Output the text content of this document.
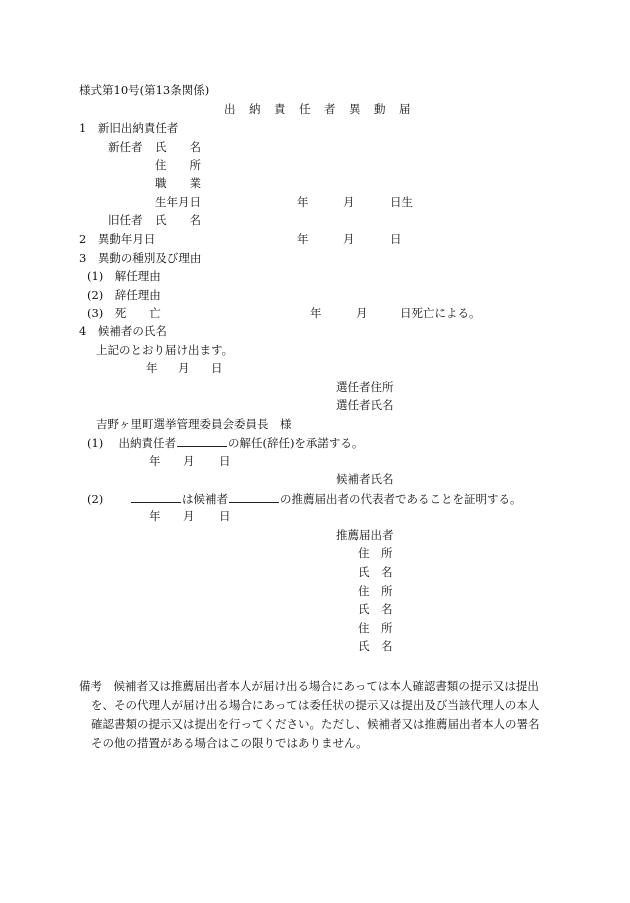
様式第10号(第13条関係)
出　納　責　任　者　異　動　届
1　新旧出納責任者
新任者 氏　　名
住　　所
職　　業
生年月日	年	月	日生
旧任者 氏　　名
2　異動年月日	年	月	日
3　異動の種別及び理由
(1)　解任理由
(2)　辞任理由
(3)　死　　亡	年	月	日死亡による。
4　候補者の氏名
上記のとおり届け出ます。
年 月 日
選任者住所
選任者氏名
吉野ヶ里町選挙管理委員会委員長　様
(1)　 出納責任者	の解任(辞任)を承諾する。
年 月 日
候補者氏名
(2)　　	は候補者	の推薦届出者の代表者であることを証明する。
年 月 日
推薦届出者
住　所
氏　名
住　所
氏　名
住　所
氏　名
備考　 候補者又は推薦届出者本人が届け出る場合にあっては本人確認書類の提示又は提出
を、その代理人が届け出る場合にあっては委任状の提示又は提出及び当該代理人の本人
確認書類の提示又は提出を行ってください。ただし、候補者又は推薦届出者本人の署名
その他の措置がある場合はこの限りではありません。
